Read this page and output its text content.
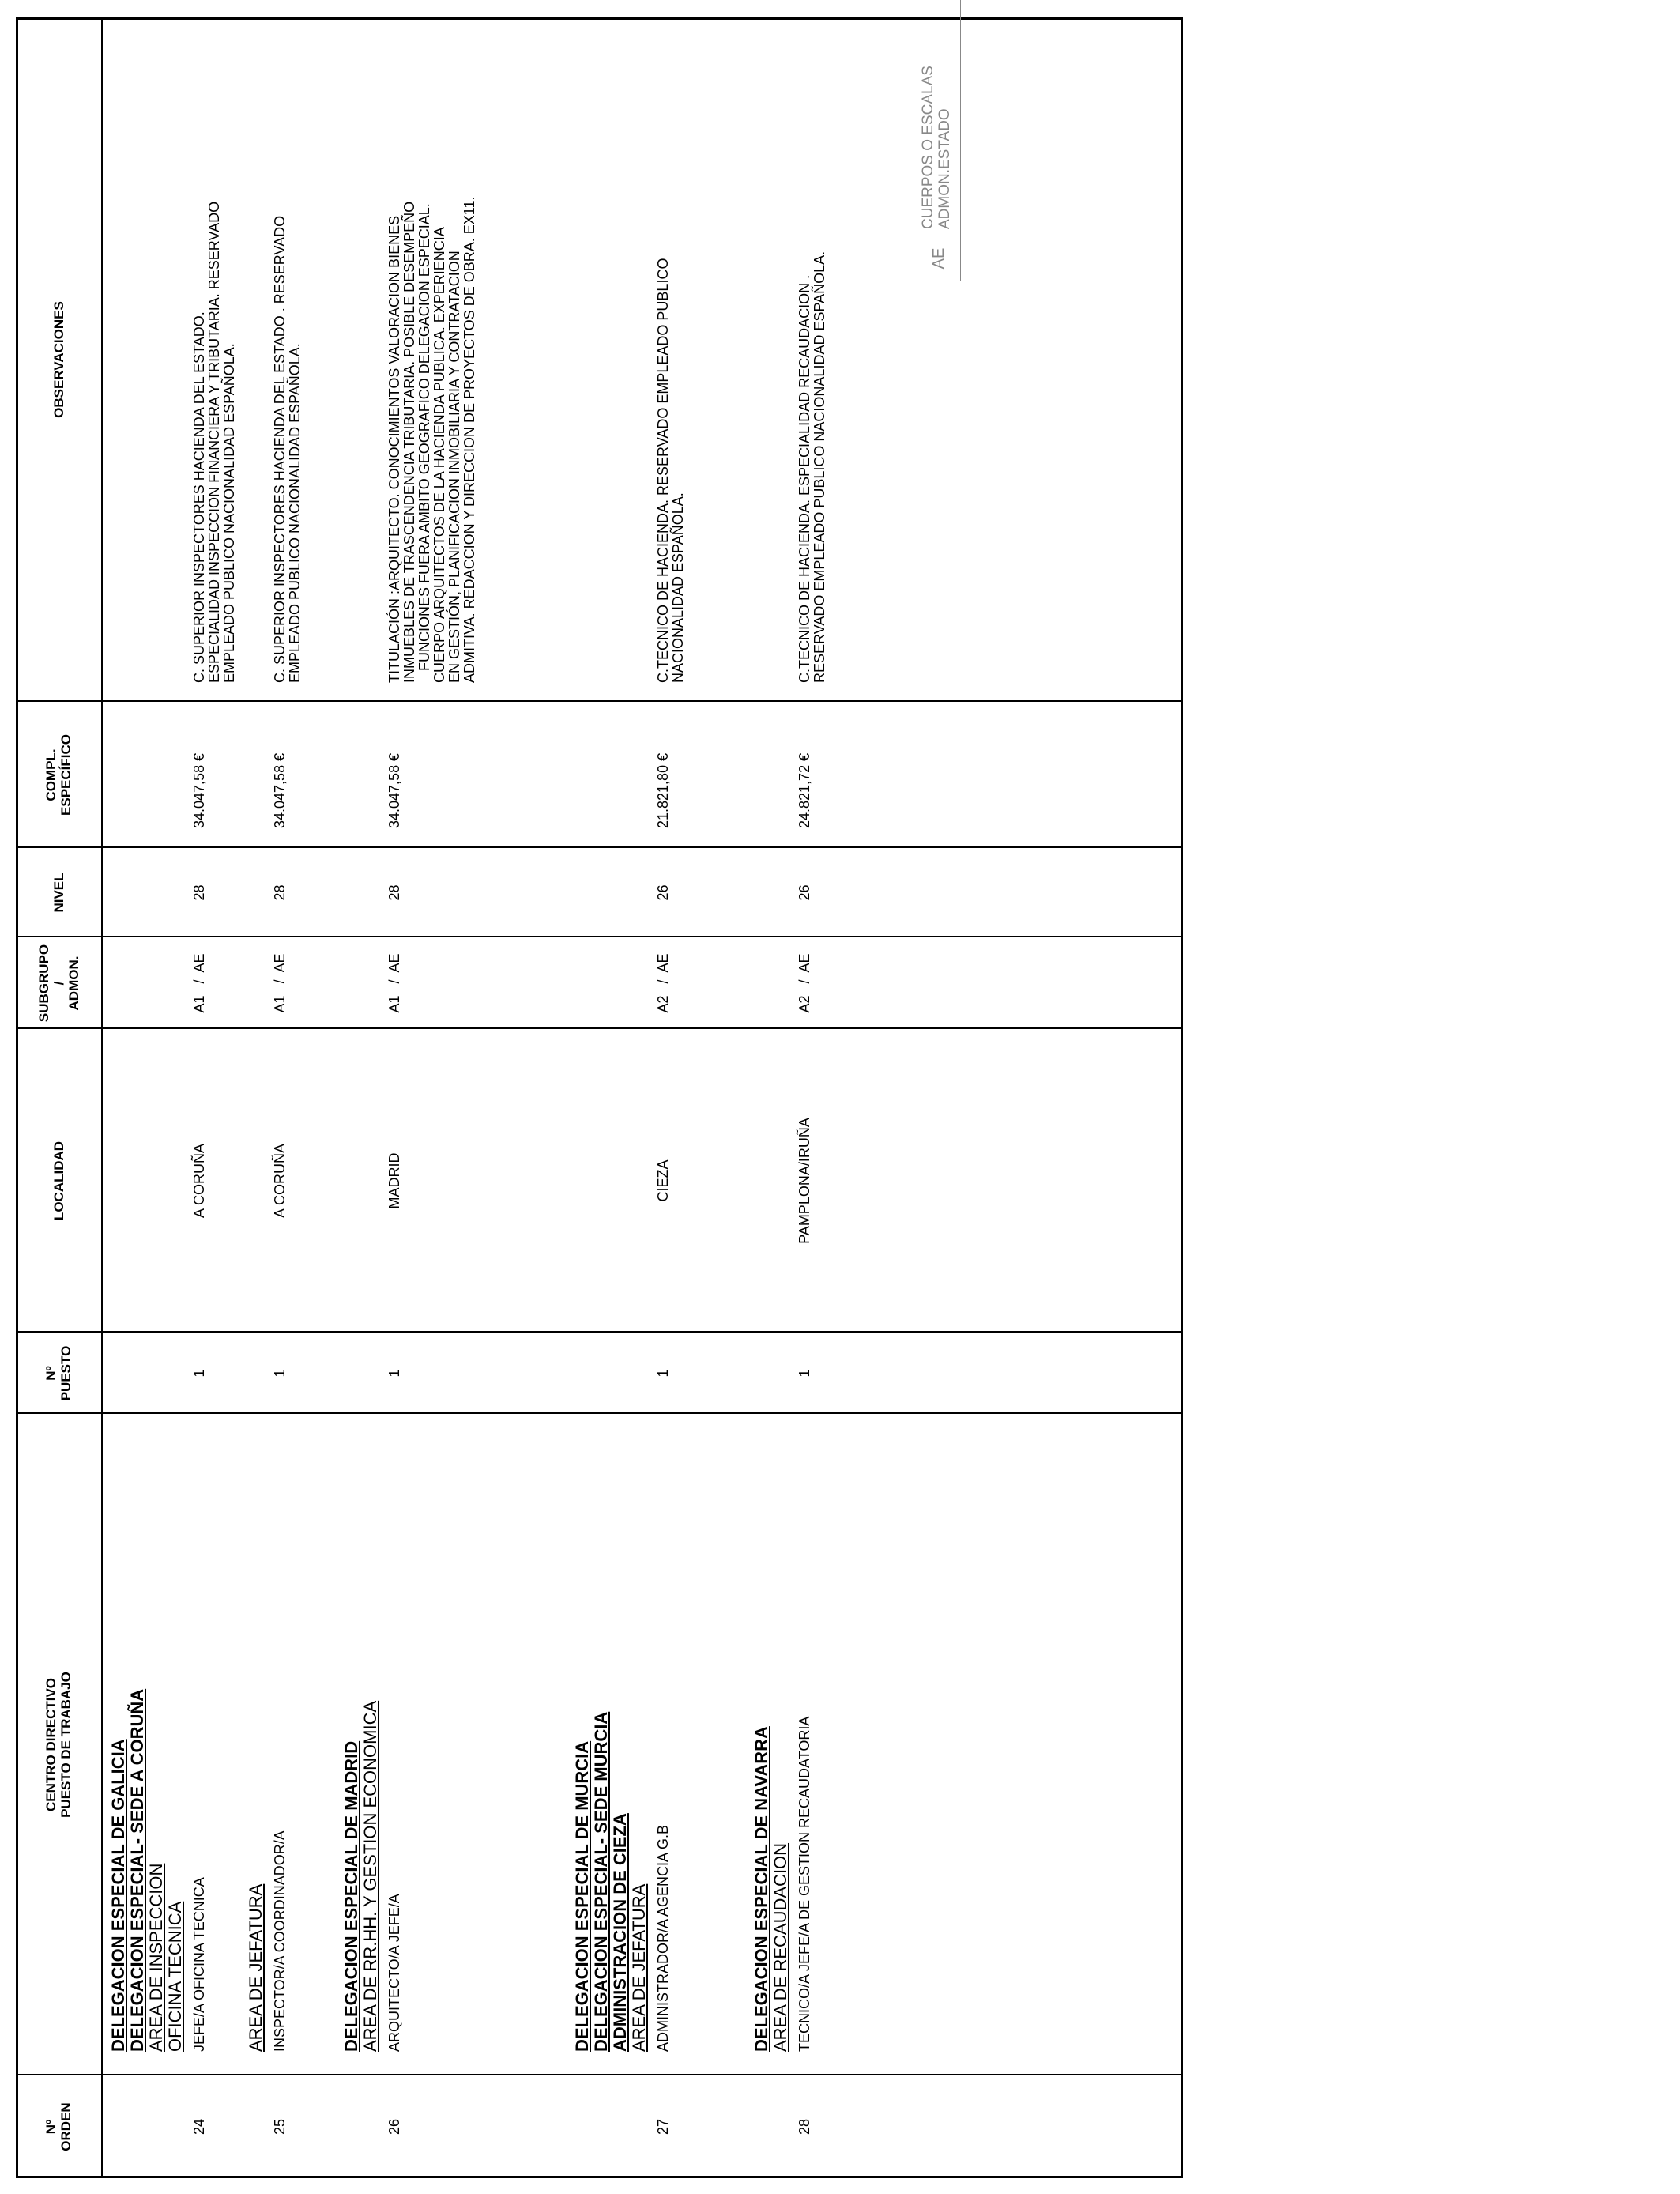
Nº
ORDEN
CENTRO DIRECTIVO
PUESTO DE TRABAJO
Nº
PUESTO
LOCALIDAD
SUBGRUPO
/
ADMON.
NIVEL
COMPL.
ESPECÍFICO
OBSERVACIONES
DELEGACION ESPECIAL DE GALICIA DELEGACION ESPECIAL- SEDE A CORUÑA AREA DE INSPECCION OFICINA TECNICA
24
JEFE/A OFICINA TECNICA
1
A CORUÑA
A1   /  AE
28
34.047,58 €
C. SUPERIOR INSPECTORES HACIENDA DEL ESTADO. ESPECIALIDAD INSPECCION FINANCIERA Y TRIBUTARIA. RESERVADO EMPLEADO PUBLICO NACIONALIDAD ESPAÑOLA.
AREA DE JEFATURA
25
INSPECTOR/A COORDINADOR/A
1
A CORUÑA
A1   /  AE
28
34.047,58 €
C. SUPERIOR INSPECTORES HACIENDA DEL ESTADO . RESERVADO EMPLEADO PUBLICO NACIONALIDAD ESPAÑOLA.
DELEGACION ESPECIAL DE MADRID AREA DE RR.HH. Y GESTION ECONOMICA
26
ARQUITECTO/A JEFE/A
1
MADRID
A1   /  AE
28
34.047,58 €
TITULACIÓN :ARQUITECTO. CONOCIMIENTOS VALORACION BIENES INMUEBLES DE TRASCENDENCIA TRIBUTARIA. POSIBLE DESEMPEÑO FUNCIONES FUERA AMBITO GEOGRAFICO DELEGACION ESPECIAL. CUERPO ARQUITECTOS DE LA HACIENDA PUBLICA. EXPERIENCIA EN GESTIÓN, PLANIFICACION INMOBILIARIA Y CONTRATACION ADMITIVA. REDACCION Y DIRECCION DE PROYECTOS DE OBRA. EX11.
DELEGACION ESPECIAL DE MURCIA DELEGACION ESPECIAL- SEDE MURCIA ADMINISTRACION DE CIEZA AREA DE JEFATURA
27
ADMINISTRADOR/A AGENCIA G.B
1
CIEZA
A2   /  AE
26
21.821,80 €
C.TECNICO DE HACIENDA. RESERVADO EMPLEADO PUBLICO NACIONALIDAD ESPAÑOLA.
DELEGACION ESPECIAL DE NAVARRA AREA DE RECAUDACION
28
TECNICO/A JEFE/A DE GESTION RECAUDATORIA
1
PAMPLONA/IRUÑA
A2   /  AE
26
24.821,72 €
C.TECNICO DE HACIENDA. ESPECIALIDAD RECAUDACION . RESERVADO EMPLEADO PUBLICO NACIONALIDAD ESPAÑOLA.	AE
CUERPOS O ESCALAS ADMON.ESTADO
